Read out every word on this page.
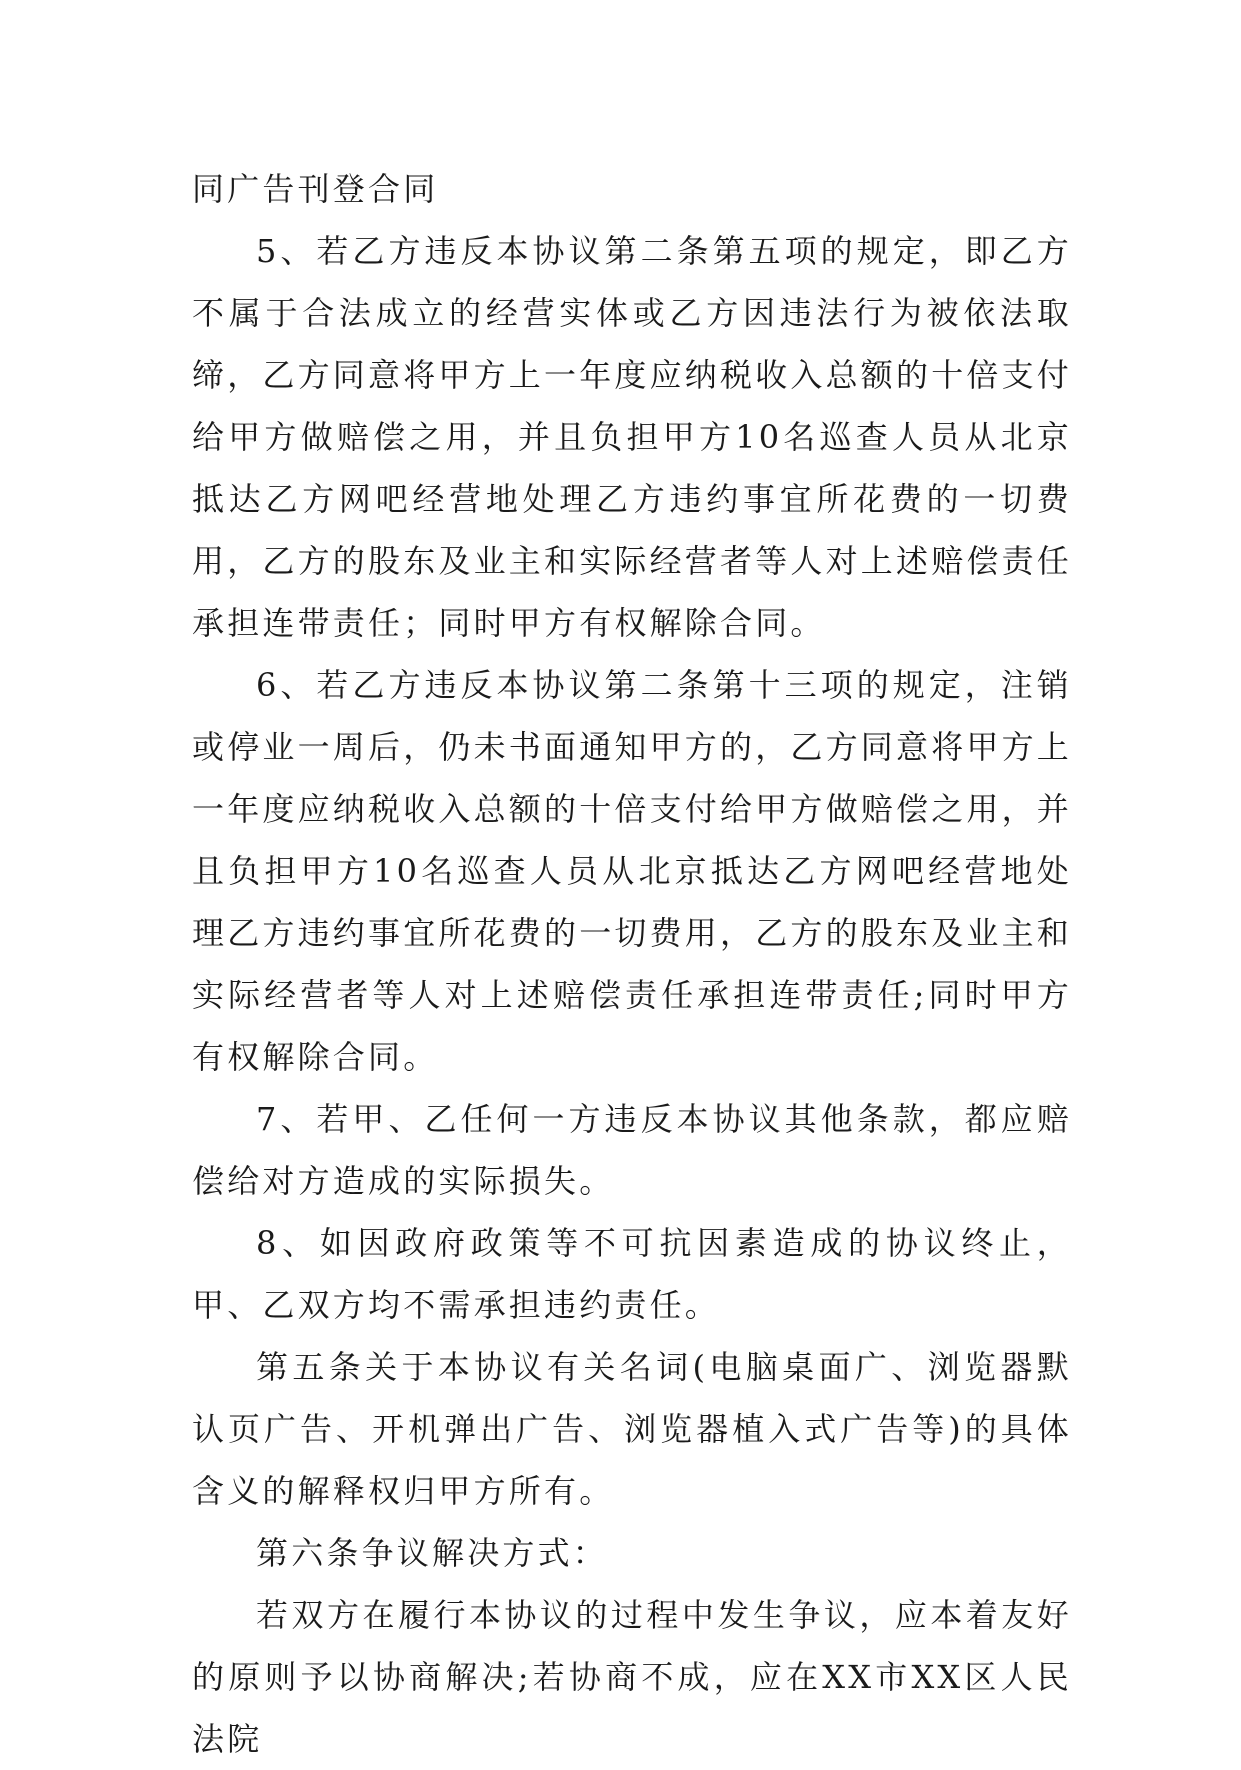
同广告刊登合同

5、若乙方违反本协议第二条第五项的规定，即乙方不属于合法成立的经营实体或乙方因违法行为被依法取缔，乙方同意将甲方上一年度应纳税收入总额的十倍支付给甲方做赔偿之用，并且负担甲方10名巡查人员从北京抵达乙方网吧经营地处理乙方违约事宜所花费的一切费用，乙方的股东及业主和实际经营者等人对上述赔偿责任承担连带责任；同时甲方有权解除合同。

6、若乙方违反本协议第二条第十三项的规定，注销或停业一周后，仍未书面通知甲方的，乙方同意将甲方上一年度应纳税收入总额的十倍支付给甲方做赔偿之用，并且负担甲方10名巡查人员从北京抵达乙方网吧经营地处理乙方违约事宜所花费的一切费用，乙方的股东及业主和实际经营者等人对上述赔偿责任承担连带责任;同时甲方有权解除合同。

7、若甲、乙任何一方违反本协议其他条款，都应赔偿给对方造成的实际损失。

8、如因政府政策等不可抗因素造成的协议终止，甲、乙双方均不需承担违约责任。

第五条关于本协议有关名词(电脑桌面广、浏览器默认页广告、开机弹出广告、浏览器植入式广告等)的具体含义的解释权归甲方所有。

第六条争议解决方式：

若双方在履行本协议的过程中发生争议，应本着友好的原则予以协商解决;若协商不成，应在XX市XX区人民法院
